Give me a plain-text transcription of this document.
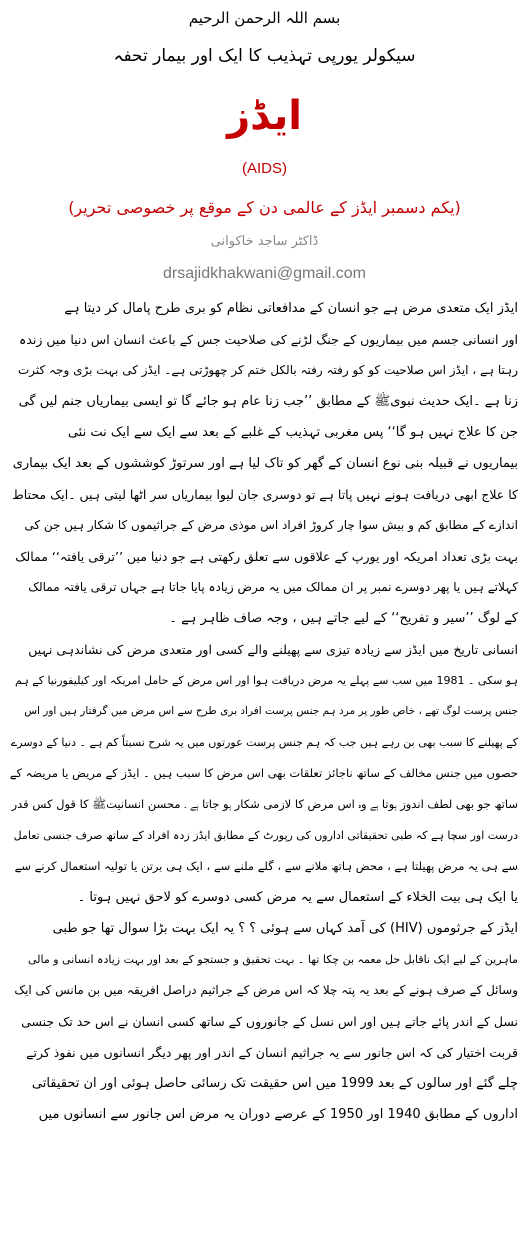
بسم اللہ الرحمن الرحیم
سیکولر یورپی تہذیب کا ایک اور بیمار تحفہ
ایڈز
(AIDS)
(یکم دسمبر ایڈز کے عالمی دن کے موقع پر خصوصی تحریر)
ڈاکٹر ساجد خاکوانی
drsajidkhakwani@gmail.com
ایڈز ایک متعدی مرض ہے جو انسان کے مدافعاتی نظام کو بری طرح پامال کر دیتا ہے
اور انسانی جسم میں بیماریوں کے جنگ لڑنے کی صلاحیت جس کے باعث انسان اس دنیا میں زندہ
رہتا ہے ، ایڈز اس صلاحیت کو کو رفتہ رفتہ بالکل ختم کر چھوڑتی ہے۔ ایڈز کی بہت بڑی وجہ کثرت
زنا ہے ۔ایک حدیث نبویﷺ کے مطابق ’’جب زنا عام ہو جائے گا تو ایسی بیماریاں جنم لیں گی
جن کا علاج نہیں ہو گا‘‘ پس مغربی تہذیب کے غلبے کے بعد سے ایک سے ایک نت نئی
بیماریوں نے قبیلہ بنی نوع انسان کے گھر کو تاک لیا ہے اور سرتوڑ کوششوں کے بعد ایک بیماری
کا علاج ابھی دریافت ہونے نہیں پاتا ہے تو دوسری جان لیوا بیماریاں سر اٹھا لیتی ہیں ۔ایک محتاط
اندازے کے مطابق کم و بیش سوا چار کروڑ افراد اس موذی مرض کے جراثیموں کا شکار ہیں جن کی
بہت بڑی تعداد امریکہ اور یورپ کے علاقوں سے تعلق رکھتی ہے جو دنیا میں ’’ترقی یافتہ‘‘ ممالک
کہلاتے ہیں یا پھر دوسرے نمبر پر ان ممالک میں یہ مرض زیادہ پایا جاتا ہے جہاں ترقی یافتہ ممالک
کے لوگ ’’سیر و تفریح‘‘ کے لیے جاتے ہیں ، وجہ صاف ظاہر ہے ۔
انسانی تاریخ میں ایڈز سے زیادہ تیزی سے پھیلنے والے کسی اور متعدی مرض کی نشاندہی نہیں
ہو سکی ۔ 1981 میں سب سے پہلے یہ مرض دریافت ہوا اور اس مرض کے حامل امریکہ اور کیلیفورنیا کے ہم
جنس پرست لوگ تھے ، خاص طور پر مرد ہم جنس پرست افراد بری طرح سے اس مرض میں گرفتار ہیں اور اس
کے پھیلنے کا سبب بھی بن رہے ہیں جب کہ ہم جنس پرست عورتوں میں یہ شرح نسبتاً کم ہے ۔ دنیا کے دوسرے
حصوں میں جنس مخالف کے ساتھ ناجائز تعلقات بھی اس مرض کا سبب ہیں ۔ ایڈز کے مریض یا مریضہ کے
ساتھ جو بھی لطف اندوز ہوتا ہے وہ اس مرض کا لازمی شکار ہو جاتا ہے ۔ محسن انسانیتﷺ کا قول کس قدر
درست اور سچا ہے کہ طبی تحقیقاتی اداروں کی رپورٹ کے مطابق ایڈز زدہ افراد کے ساتھ صرف جنسی تعامل
سے ہی یہ مرض پھیلتا ہے ، محض ہاتھ ملانے سے ، گلے ملنے سے ، ایک ہی برتن یا تولیہ استعمال کرنے سے
یا ایک ہی بیت الخلاء کے استعمال سے یہ مرض کسی دوسرے کو لاحق نہیں ہوتا ۔
ایڈز کے جرثوموں (HIV) کی آمد کہاں سے ہوئی ؟ ؟ یہ ایک بہت بڑا سوال تھا جو طبی
ماہرین کے لیے ایک ناقابل حل معمہ بن چکا تھا ۔ بہت تحقیق و جستجو کے بعد اور بہت زیادہ انسانی و مالی
وسائل کے صرف ہونے کے بعد یہ پتہ چلا کہ اس مرض کے جراثیم دراصل افریقہ میں بن مانس کی ایک
نسل کے اندر پائے جاتے ہیں اور اس نسل کے جانوروں کے ساتھ کسی انسان نے اس حد تک جنسی
قربت اختیار کی کہ اس جانور سے یہ جراثیم انسان کے اندر اور پھر دیگر انسانوں میں نفوذ کرتے
چلے گئے اور سالوں کے بعد 1999 میں اس حقیقت تک رسائی حاصل ہوئی اور ان تحقیقاتی
اداروں کے مطابق 1940 اور 1950 کے عرصے دوران یہ مرض اس جانور سے انسانوں میں
